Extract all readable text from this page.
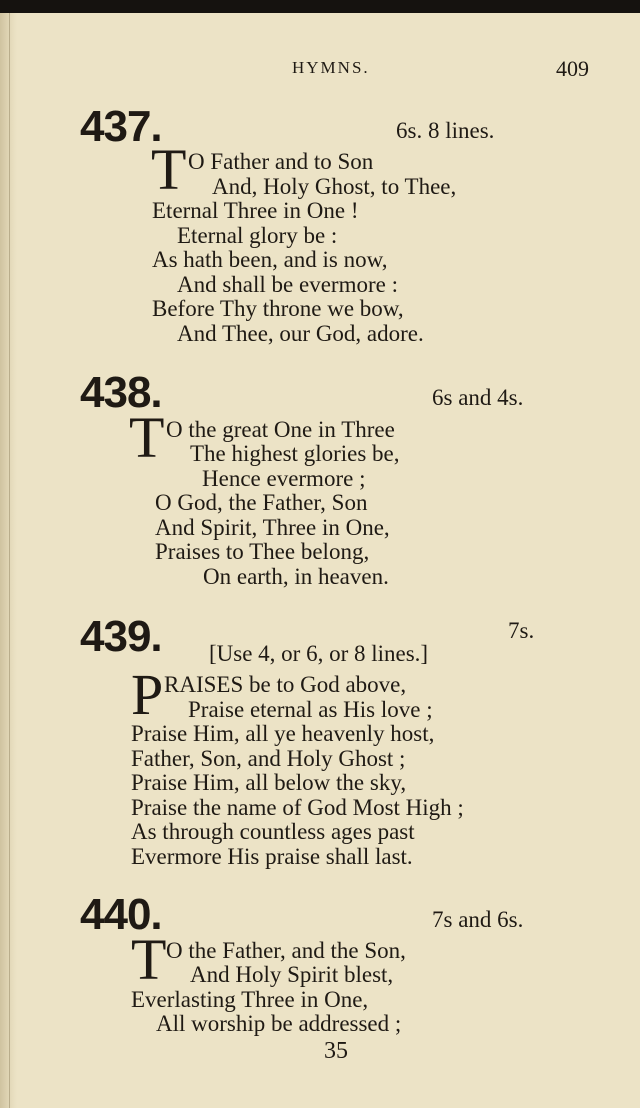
HYMNS.	409
437.	6s. 8 lines.
T O Father and to Son
And, Holy Ghost, to Thee,
Eternal Three in One !
Eternal glory be :
As hath been, and is now,
And shall be evermore :
Before Thy throne we bow,
And Thee, our God, adore.
438.	6s and 4s.
T O the great One in Three
The highest glories be,
Hence evermore ;
O God, the Father, Son
And Spirit, Three in One,
Praises to Thee belong,
On earth, in heaven.
439.	7s.
[Use 4, or 6, or 8 lines.]
P RAISES be to God above,
Praise eternal as His love ;
Praise Him, all ye heavenly host,
Father, Son, and Holy Ghost ;
Praise Him, all below the sky,
Praise the name of God Most High ;
As through countless ages past
Evermore His praise shall last.
440.	7s and 6s.
T O the Father, and the Son,
And Holy Spirit blest,
Everlasting Three in One,
All worship be addressed ;
35
